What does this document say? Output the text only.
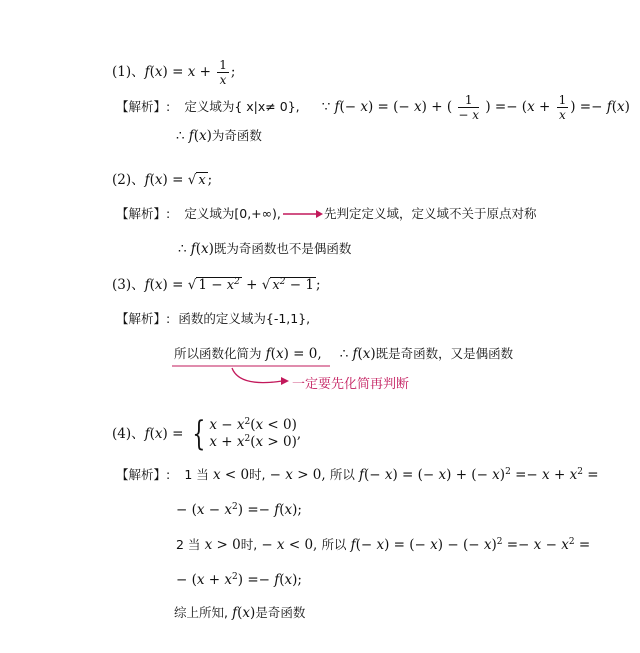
(1)、$f(x) = x + \frac{1}{x}$ ;
【解析】: 定义域为{ x|x≠ 0}, ∵ f(− x) = (− x) + ( $\frac{1}{- x}$ ) =− ($x + \frac{1}{x}$ ) =− f(x)
∴ f(x)为奇函数
(2)、f(x) = √ x ;
【解析】: 定义域为[0,+∞),	先判定定义域，定义域不关于原点对称
∴ f(x)既为奇函数也不是偶函数
(3)、f(x) = √ $1 - x^2$ + √ $x^2 - 1$ ;
【解析】: 函数的定义域为{-1,1},
所以函数化简为 f(x) = 0, ∴ f(x)既是奇函数，又是偶函数
一定要先化简再判断
(4)、f(x) = { $x - x^2(x < 0)$
$x + x^2(x > 0)$ ,
【解析】: 1 当 x < 0时, − x > 0, 所以 f(− x) = (− x) + (− $x)^2 =- x + x^2$ =
− $(x - x^2) =- f(x)$;
2 当 x > 0时, − x < 0, 所以 f(− x) = (− x) − (− $x)^2 =- x - x^2$ =
− $(x + x^2) =- f(x)$;
综上所知, f(x)是奇函数
